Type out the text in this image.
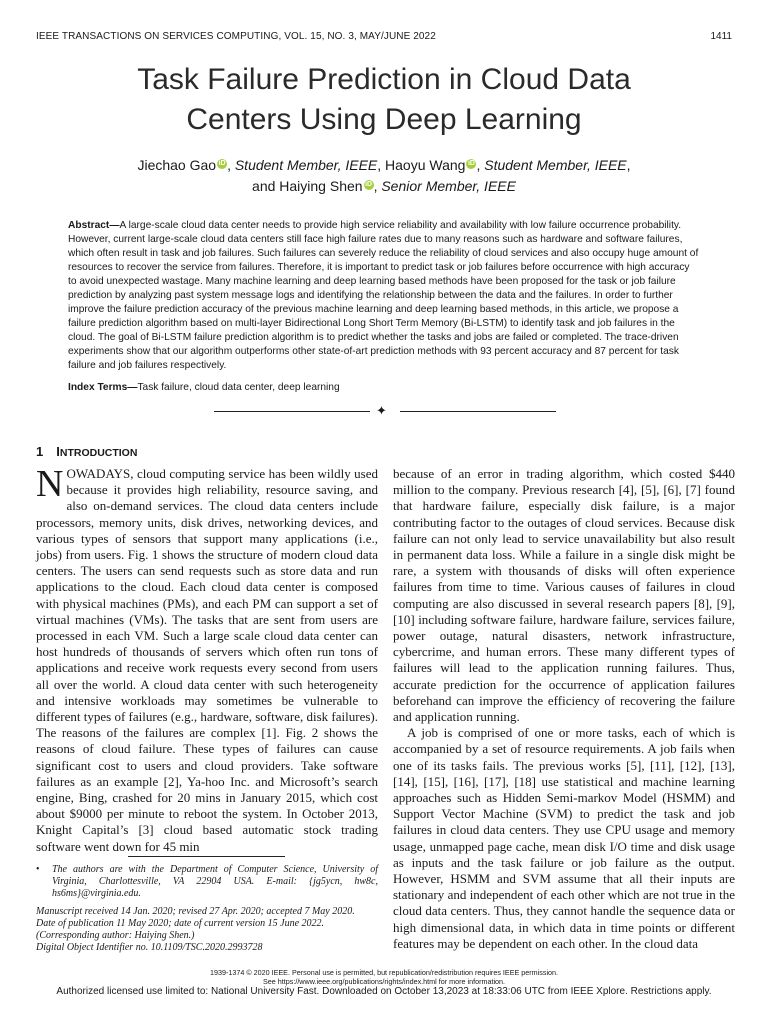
IEEE TRANSACTIONS ON SERVICES COMPUTING, VOL. 15, NO. 3, MAY/JUNE 2022	1411
Task Failure Prediction in Cloud Data
Centers Using Deep Learning
Jiechao Gao iD , Student Member, IEEE, Haoyu Wang iD , Student Member, IEEE,
and Haiying Shen iD , Senior Member, IEEE
Abstract—A large-scale cloud data center needs to provide high service reliability and availability with low failure occurrence probability. However, current large-scale cloud data centers still face high failure rates due to many reasons such as hardware and software failures, which often result in task and job failures. Such failures can severely reduce the reliability of cloud services and also occupy huge amount of resources to recover the service from failures. Therefore, it is important to predict task or job failures before occurrence with high accuracy to avoid unexpected wastage. Many machine learning and deep learning based methods have been proposed for the task or job failure prediction by analyzing past system message logs and identifying the relationship between the data and the failures. In order to further improve the failure prediction accuracy of the previous machine learning and deep learning based methods, in this article, we propose a failure prediction algorithm based on multi-layer Bidirectional Long Short Term Memory (Bi-LSTM) to identify task and job failures in the cloud. The goal of Bi-LSTM failure prediction algorithm is to predict whether the tasks and jobs are failed or completed. The trace-driven experiments show that our algorithm outperforms other state-of-art prediction methods with 93 percent accuracy and 87 percent for task failure and job failures respectively.
Index Terms—Task failure, cloud data center, deep learning
✦
1 INTRODUCTION

NOWADAYS, cloud computing service has been wildly used because it provides high reliability, resource saving, and also on-demand services. The cloud data centers include processors, memory units, disk drives, networking devices, and various types of sensors that support many applications (i.e., jobs) from users. Fig. 1 shows the structure of modern cloud data centers. The users can send requests such as store data and run applications to the cloud. Each cloud data center is composed with physical machines (PMs), and each PM can support a set of virtual machines (VMs). The tasks that are sent from users are processed in each VM. Such a large scale cloud data center can host hundreds of thousands of servers which often run tons of applications and receive work requests every second from users all over the world. A cloud data center with such heterogeneity and intensive workloads may sometimes be vulnerable to different types of failures (e.g., hardware, software, disk failures). The reasons of the failures are complex [1]. Fig. 2 shows the reasons of cloud failure. These types of failures can cause significant cost to users and cloud providers. Take software failures as an example [2], Ya-hoo Inc. and Microsoft’s search engine, Bing, crashed for 20 mins in January 2015, which cost about $9000 per minute to reboot the system. In October 2013, Knight Capital’s [3] cloud based automatic stock trading software went down for 45 min

because of an error in trading algorithm, which costed $440 million to the company. Previous research [4], [5], [6], [7] found that hardware failure, especially disk failure, is a major contributing factor to the outages of cloud services. Because disk failure can not only lead to service unavailability but also result in permanent data loss. While a failure in a single disk might be rare, a system with thousands of disks will often experience failures from time to time. Various causes of failures in cloud computing are also discussed in several research papers [8], [9], [10] including software failure, hardware failure, services failure, power outage, natural disasters, network infrastructure, cybercrime, and human errors. These many different types of failures will lead to the application running failures. Thus, accurate prediction for the occurrence of application failures beforehand can improve the efficiency of recovering the failure and application running.

A job is comprised of one or more tasks, each of which is accompanied by a set of resource requirements. A job fails when one of its tasks fails. The previous works [5], [11], [12], [13], [14], [15], [16], [17], [18] use statistical and machine learning approaches such as Hidden Semi-markov Model (HSMM) and Support Vector Machine (SVM) to predict the task and job failures in cloud data centers. They use CPU usage and memory usage, unmapped page cache, mean disk I/O time and disk usage as inputs and the task failure or job failure as the output. However, HSMM and SVM assume that all their inputs are stationary and independent of each other which are not true in the cloud data centers. Thus, they cannot handle the sequence data or high dimensional data, in which data in time points or different features may be dependent on each other. In the cloud data

• The authors are with the Department of Computer Science, University of Virginia, Charlottesville, VA 22904 USA. E-mail: {jg5ycn, hw8c, hs6ms}@virginia.edu.
Manuscript received 14 Jan. 2020; revised 27 Apr. 2020; accepted 7 May 2020.
Date of publication 11 May 2020; date of current version 15 June 2022.
(Corresponding author: Haiying Shen.)
Digital Object Identifier no. 10.1109/TSC.2020.2993728
1939-1374 © 2020 IEEE. Personal use is permitted, but republication/redistribution requires IEEE permission.
See https://www.ieee.org/publications/rights/index.html for more information.
Authorized licensed use limited to: National University Fast. Downloaded on October 13,2023 at 18:33:06 UTC from IEEE Xplore. Restrictions apply.
